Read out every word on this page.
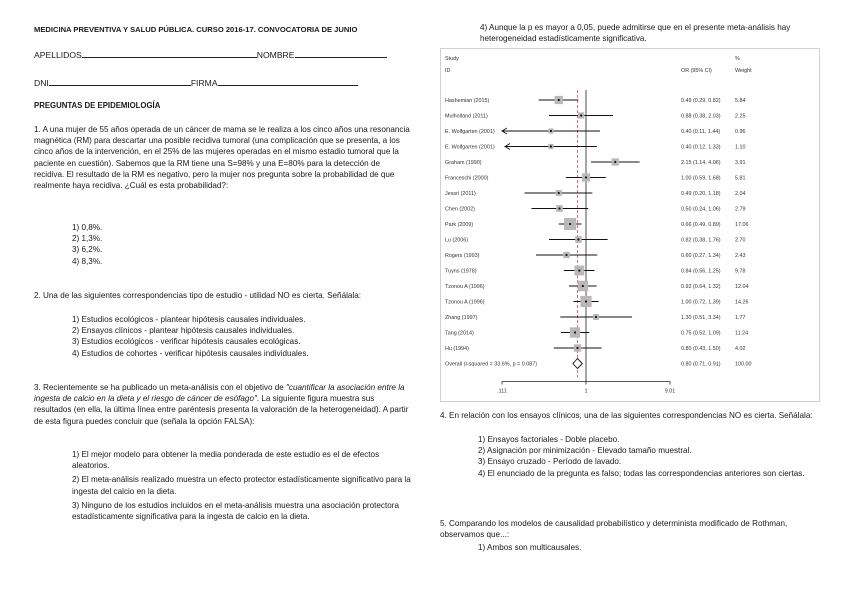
MEDICINA PREVENTIVA Y SALUD PÚBLICA. CURSO 2016-17. CONVOCATORIA DE JUNIO
APELLIDOS	NOMBRE
DNI	FIRMA
PREGUNTAS DE EPIDEMIOLOGÍA

1. A una mujer de 55 años operada de un cáncer de mama se le realiza a los cinco años una resonancia magnética (RM) para descartar una posible recidiva tumoral (una complicación que se presenta, a los cinco años de la intervención, en el 25% de las mujeres operadas en el mismo estadio tumoral que la paciente en cuestión). Sabemos que la RM tiene una S=98% y una E=80% para la detección de recidiva. El resultado de la RM es negativo, pero la mujer nos pregunta sobre la probabilidad de que realmente haya recidiva. ¿Cuál es esta probabilidad?:

1) 0,8%.
2) 1,3%.
3) 6,2%.
4) 8,3%.

2. Una de las siguientes correspondencias tipo de estudio - utilidad NO es cierta. Señálala:

1) Estudios ecológicos - plantear hipótesis causales individuales.
2) Ensayos clínicos - plantear hipótesis causales individuales.
3) Estudios ecológicos - verificar hipótesis causales ecológicas.
4) Estudios de cohortes - verificar hipótesis causales individuales.

3. Recientemente se ha publicado un meta-análisis con el objetivo de "cuantificar la asociación entre la ingesta de calcio en la dieta y el riesgo de cáncer de esófago". La siguiente figura muestra sus resultados (en ella, la última línea entre paréntesis presenta la valoración de la heterogeneidad). A partir de esta figura puedes concluir que (señala la opción FALSA):

1) El mejor modelo para obtener la media ponderada de este estudio es el de efectos aleatorios.
2) El meta-análisis realizado muestra un efecto protector estadísticamente significativo para la ingesta del calcio en la dieta.
3) Ninguno de los estudios incluidos en el meta-análisis muestra una asociación protectora estadísticamente significativa para la ingesta de calcio en la dieta.
4) Aunque la p es mayor a 0,05, puede admitirse que en el presente meta-análisis hay heterogeneidad estadísticamente significativa.
Study	%
ID	OR (95% CI)	Weight
Hashemian (2015)	0.49 (0.29, 0.82)	5.84
Mulholland (2011)	0.88 (0.38, 2.03)	2.25
E. Wolfgarten (2001)	0.40 (0.11, 1.44)	0.96
E. Wolfgarten (2001)	0.40 (0.12, 1.33)	1.10
Graham (1990)	2.15 (1.14, 4.06)	3.91
Franceschi (2000)	1.00 (0.59, 1.68)	5.81
Jessri (2011)	0.49 (0.20, 1.18)	2.04
Chen (2002)	0.50 (0.24, 1.06)	2.79
Park (2009)	0.66 (0.49, 0.89)	17.06
Lu (2006)	0.82 (0.38, 1.76)	2.70
Rogers (1993)	0.60 (0.27, 1.34)	2.43
Tuyns (1978)	0.84 (0.56, 1.25)	9.78
Tzonou A (1996)	0.92 (0.64, 1.32)	12.04
Tzonou A (1996)	1.00 (0.72, 1.39)	14.26
Zhang (1997)	1.30 (0.51, 3.34)	1.77
Tang (2014)	0.75 (0.52, 1.09)	11.24
Hu (1994)	0.80 (0.43, 1.50)	4.02
Overall (I-squared = 33.6%, p = 0.087)	0.80 (0.71, 0.91)	100.00
.111	1	9.01

4. En relación con los ensayos clínicos, una de las siguientes correspondencias NO es cierta. Señálala:

1) Ensayos factoriales - Doble placebo.
2) Asignación por minimización - Elevado tamaño muestral.
3) Ensayo cruzado - Período de lavado.
4) El enunciado de la pregunta es falso; todas las correspondencias anteriores son ciertas.

5. Comparando los modelos de causalidad probabilístico y determinista modificado de Rothman, observamos que...:

1) Ambos son multicausales.
